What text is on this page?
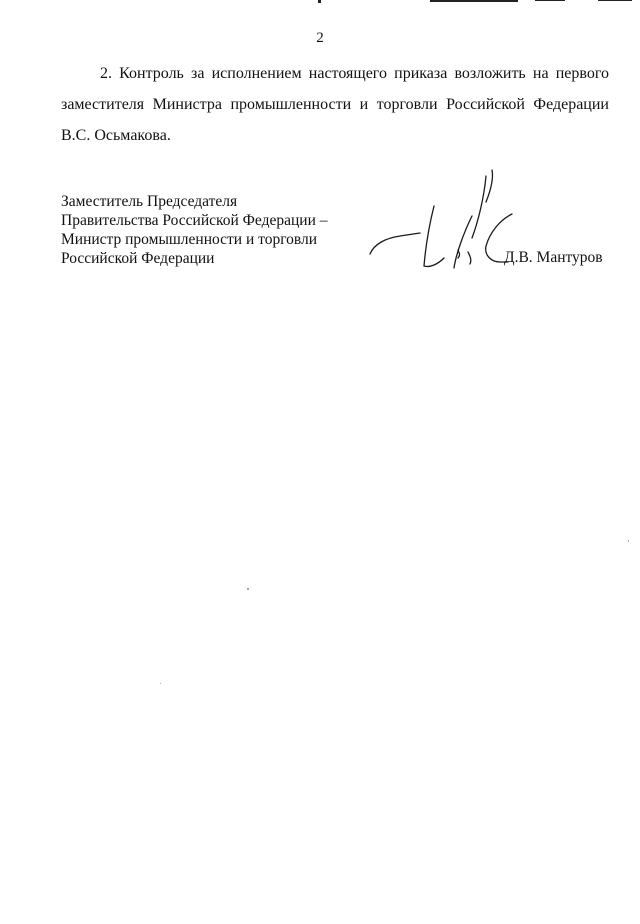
2
2. Контроль за исполнением настоящего приказа возложить на первого заместителя Министра промышленности и торговли Российской Федерации В.С. Осьмакова.
Заместитель Председателя
Правительства Российской Федерации –
Министр промышленности и торговли
Российской Федерации	Д.В. Мантуров
